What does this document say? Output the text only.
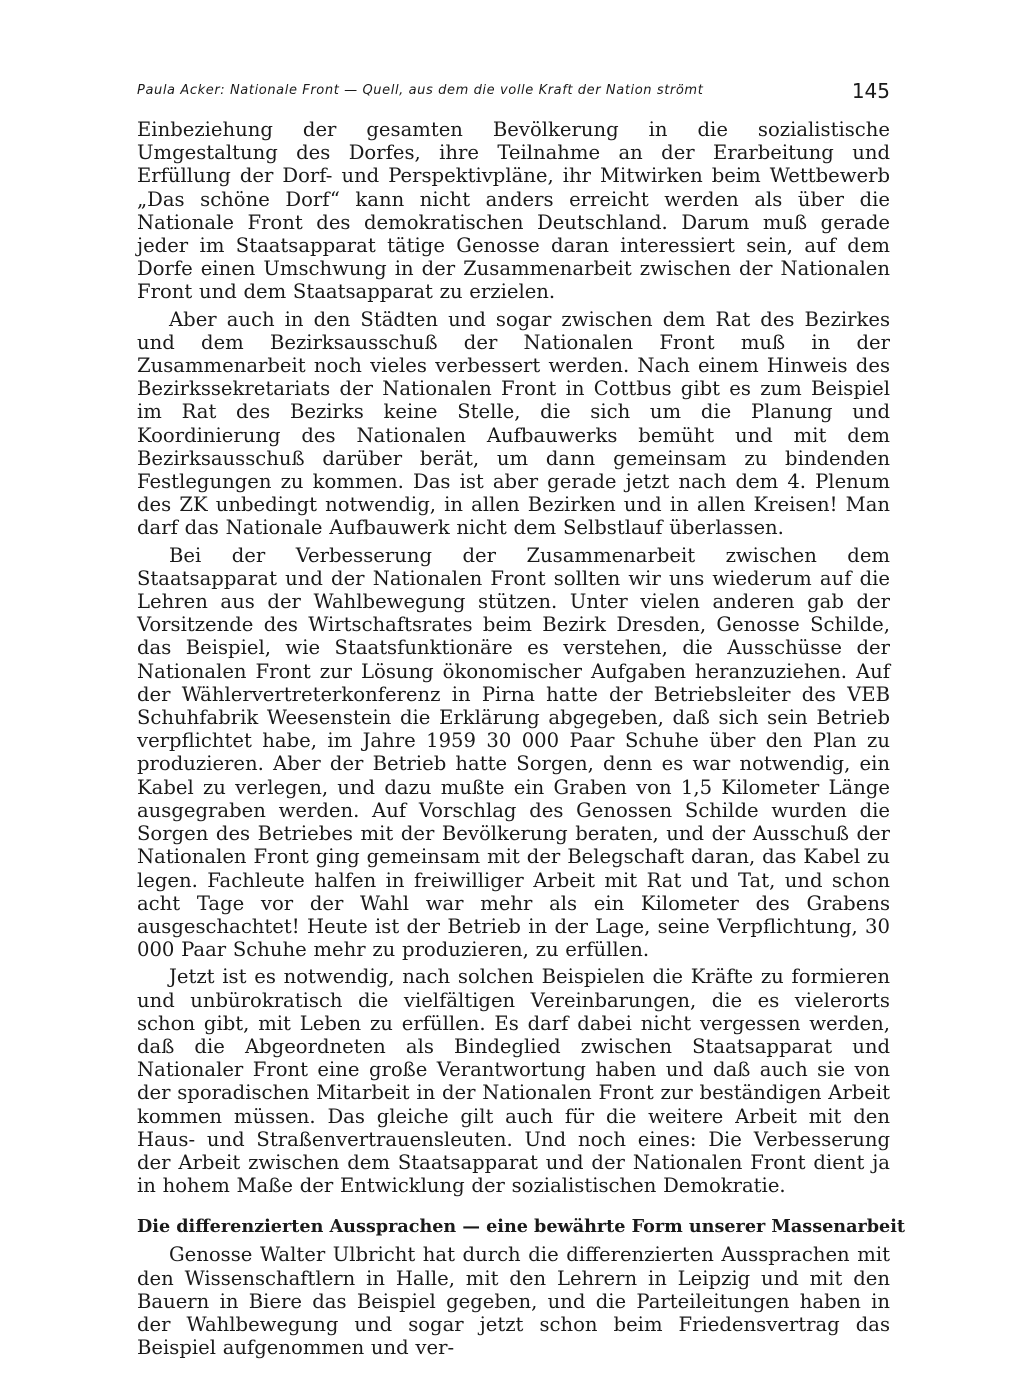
Paula Acker: Nationale Front — Quell, aus dem die volle Kraft der Nation strömt	145

Einbeziehung der gesamten Bevölkerung in die sozialistische Umgestaltung des Dorfes, ihre Teilnahme an der Erarbeitung und Erfüllung der Dorf- und Perspektivpläne, ihr Mitwirken beim Wettbewerb „Das schöne Dorf“ kann nicht anders erreicht werden als über die Nationale Front des demokratischen Deutschland. Darum muß gerade jeder im Staatsapparat tätige Genosse daran interessiert sein, auf dem Dorfe einen Umschwung in der Zusammenarbeit zwischen der Nationalen Front und dem Staatsapparat zu erzielen.

Aber auch in den Städten und sogar zwischen dem Rat des Bezirkes und dem Bezirksausschuß der Nationalen Front muß in der Zusammenarbeit noch vieles verbessert werden. Nach einem Hinweis des Bezirkssekretariats der Nationalen Front in Cottbus gibt es zum Beispiel im Rat des Bezirks keine Stelle, die sich um die Planung und Koordinierung des Nationalen Aufbauwerks bemüht und mit dem Bezirksausschuß darüber berät, um dann gemeinsam zu bindenden Festlegungen zu kommen. Das ist aber gerade jetzt nach dem 4. Plenum des ZK unbedingt notwendig, in allen Bezirken und in allen Kreisen! Man darf das Nationale Aufbauwerk nicht dem Selbstlauf überlassen.

Bei der Verbesserung der Zusammenarbeit zwischen dem Staatsapparat und der Nationalen Front sollten wir uns wiederum auf die Lehren aus der Wahlbewegung stützen. Unter vielen anderen gab der Vorsitzende des Wirtschaftsrates beim Bezirk Dresden, Genosse Schilde, das Beispiel, wie Staatsfunktionäre es verstehen, die Ausschüsse der Nationalen Front zur Lösung ökonomischer Aufgaben heranzuziehen. Auf der Wählervertreterkonferenz in Pirna hatte der Betriebsleiter des VEB Schuhfabrik Weesenstein die Erklärung abgegeben, daß sich sein Betrieb verpflichtet habe, im Jahre 1959 30 000 Paar Schuhe über den Plan zu produzieren. Aber der Betrieb hatte Sorgen, denn es war notwendig, ein Kabel zu verlegen, und dazu mußte ein Graben von 1,5 Kilometer Länge ausgegraben werden. Auf Vorschlag des Genossen Schilde wurden die Sorgen des Betriebes mit der Bevölkerung beraten, und der Ausschuß der Nationalen Front ging gemeinsam mit der Belegschaft daran, das Kabel zu legen. Fachleute halfen in freiwilliger Arbeit mit Rat und Tat, und schon acht Tage vor der Wahl war mehr als ein Kilometer des Grabens ausgeschachtet! Heute ist der Betrieb in der Lage, seine Verpflichtung, 30 000 Paar Schuhe mehr zu produzieren, zu erfüllen.

Jetzt ist es notwendig, nach solchen Beispielen die Kräfte zu formieren und unbürokratisch die vielfältigen Vereinbarungen, die es vielerorts schon gibt, mit Leben zu erfüllen. Es darf dabei nicht vergessen werden, daß die Abgeordneten als Bindeglied zwischen Staatsapparat und Nationaler Front eine große Verantwortung haben und daß auch sie von der sporadischen Mitarbeit in der Nationalen Front zur beständigen Arbeit kommen müssen. Das gleiche gilt auch für die weitere Arbeit mit den Haus- und Straßenvertrauensleuten. Und noch eines: Die Verbesserung der Arbeit zwischen dem Staatsapparat und der Nationalen Front dient ja in hohem Maße der Entwicklung der sozialistischen Demokratie.

Die differenzierten Aussprachen — eine bewährte Form unserer Massenarbeit

Genosse Walter Ulbricht hat durch die differenzierten Aussprachen mit den Wissenschaftlern in Halle, mit den Lehrern in Leipzig und mit den Bauern in Biere das Beispiel gegeben, und die Parteileitungen haben in der Wahlbewegung und sogar jetzt schon beim Friedensvertrag das Beispiel aufgenommen und ver-
